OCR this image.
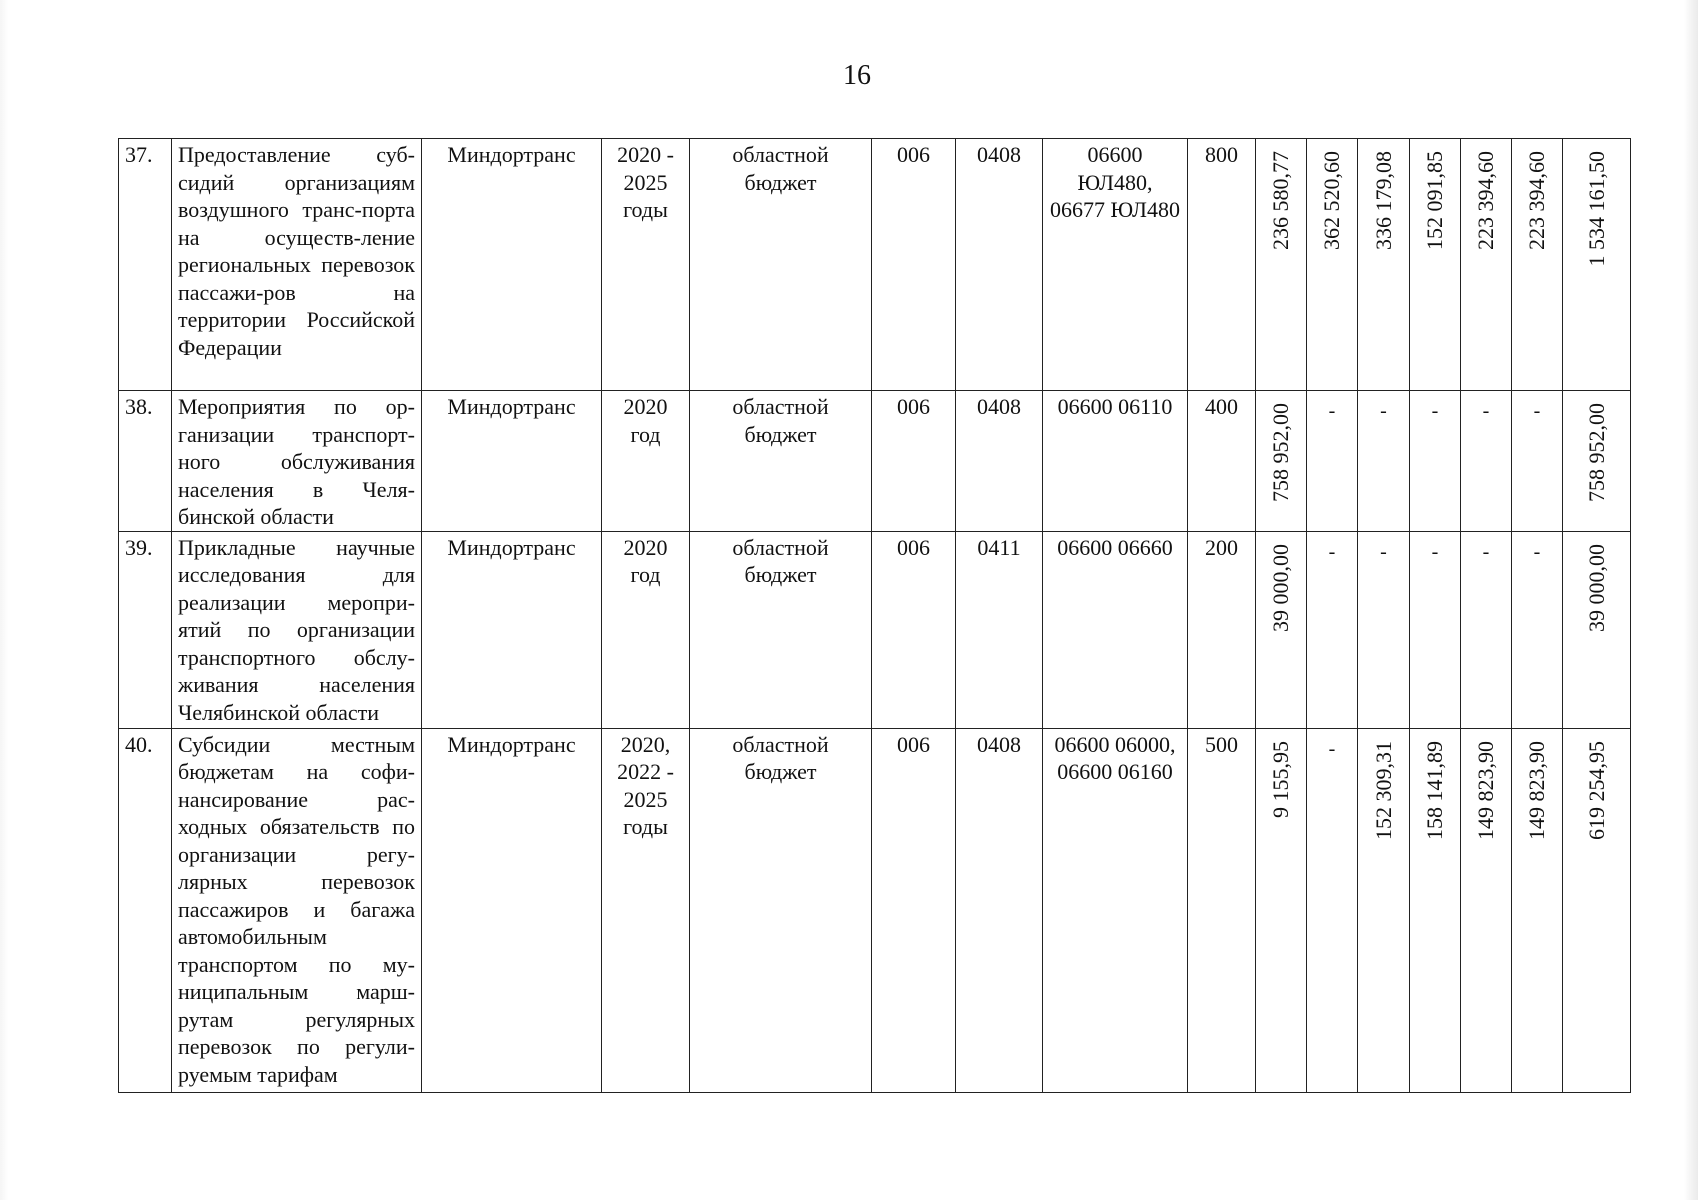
16
37.	Предоставление суб-сидий организациям воздушного транс-порта на осуществ-ление региональных перевозок пассажи-ров на территории Российской Федерации	Миндортранс	2020 - 2025 годы	областной бюджет	006	0408	06600 ЮЛ480, 06677 ЮЛ480	800	236 580,77	362 520,60	336 179,08	152 091,85	223 394,60	223 394,60	1 534 161,50

38.	Мероприятия по ор-ганизации транспорт-ного обслуживания населения в Челя-бинской области	Миндортранс	2020 год	областной бюджет	006	0408	06600 06110	400	758 952,00	-	-	-	-	-	758 952,00

39.	Прикладные научные исследования для реализации меропри-ятий по организации транспортного обслу-живания населения Челябинской области	Миндортранс	2020 год	областной бюджет	006	0411	06600 06660	200	39 000,00	-	-	-	-	-	39 000,00

40.	Субсидии местным бюджетам на софи-нансирование рас-ходных обязательств по организации регу-лярных перевозок пассажиров и багажа автомобильным транспортом по му-ниципальным марш-рутам регулярных перевозок по регули-руемым тарифам	Миндортранс	2020, 2022 - 2025 годы	областной бюджет	006	0408	06600 06000, 06600 06160	500	9 155,95	-	152 309,31	158 141,89	149 823,90	149 823,90	619 254,95
